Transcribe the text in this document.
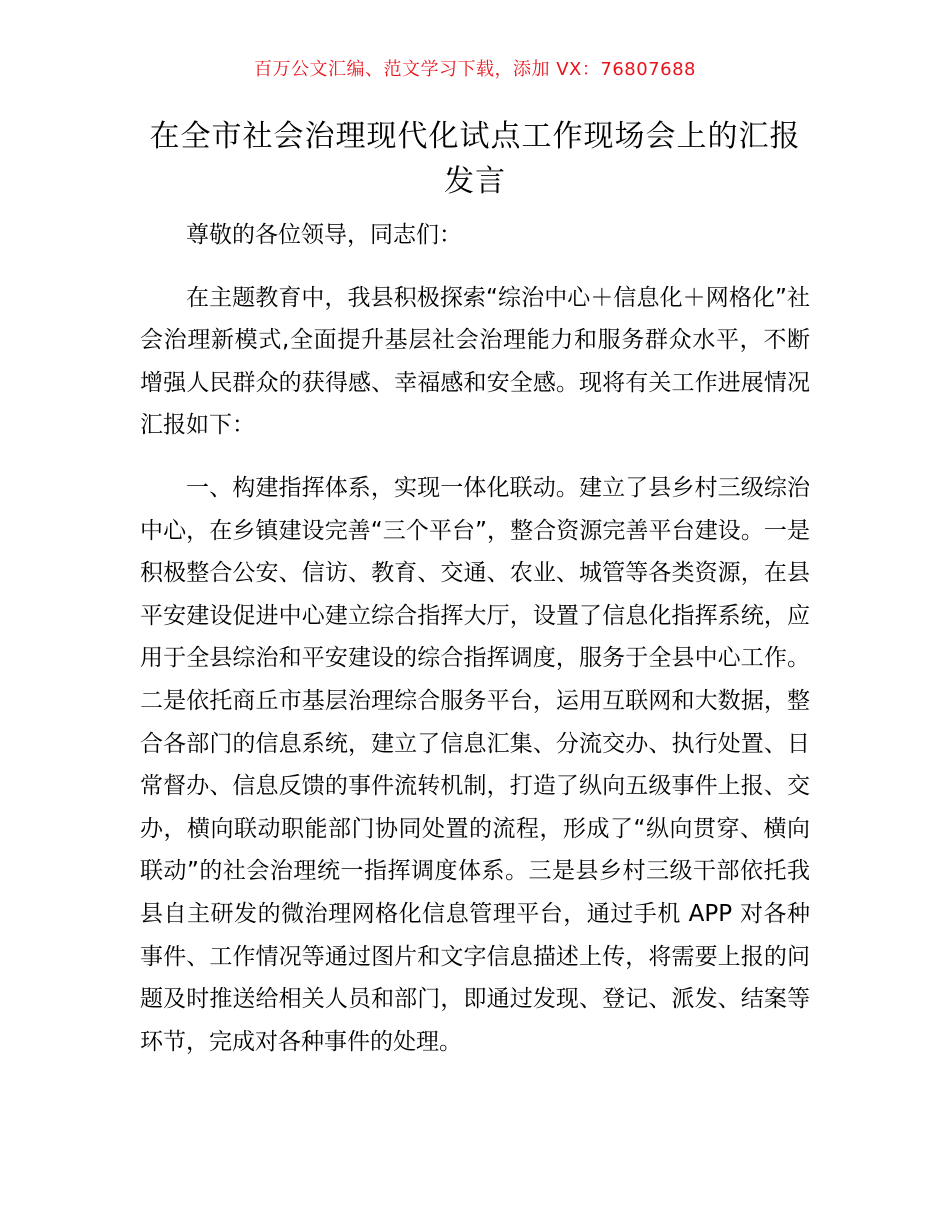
百万公文汇编、范文学习下载，添加 VX：76807688
在全市社会治理现代化试点工作现场会上的汇报发言

尊敬的各位领导，同志们：

在主题教育中，我县积极探索“综治中心＋信息化＋网格化”社会治理新模式,全面提升基层社会治理能力和服务群众水平，不断增强人民群众的获得感、幸福感和安全感。现将有关工作进展情况汇报如下：

一、构建指挥体系，实现一体化联动。建立了县乡村三级综治中心，在乡镇建设完善“三个平台”，整合资源完善平台建设。一是积极整合公安、信访、教育、交通、农业、城管等各类资源，在县平安建设促进中心建立综合指挥大厅，设置了信息化指挥系统，应用于全县综治和平安建设的综合指挥调度，服务于全县中心工作。二是依托商丘市基层治理综合服务平台，运用互联网和大数据，整合各部门的信息系统，建立了信息汇集、分流交办、执行处置、日常督办、信息反馈的事件流转机制，打造了纵向五级事件上报、交办，横向联动职能部门协同处置的流程，形成了“纵向贯穿、横向联动”的社会治理统一指挥调度体系。三是县乡村三级干部依托我县自主研发的微治理网格化信息管理平台，通过手机 APP 对各种事件、工作情况等通过图片和文字信息描述上传，将需要上报的问题及时推送给相关人员和部门，即通过发现、登记、派发、结案等环节，完成对各种事件的处理。
